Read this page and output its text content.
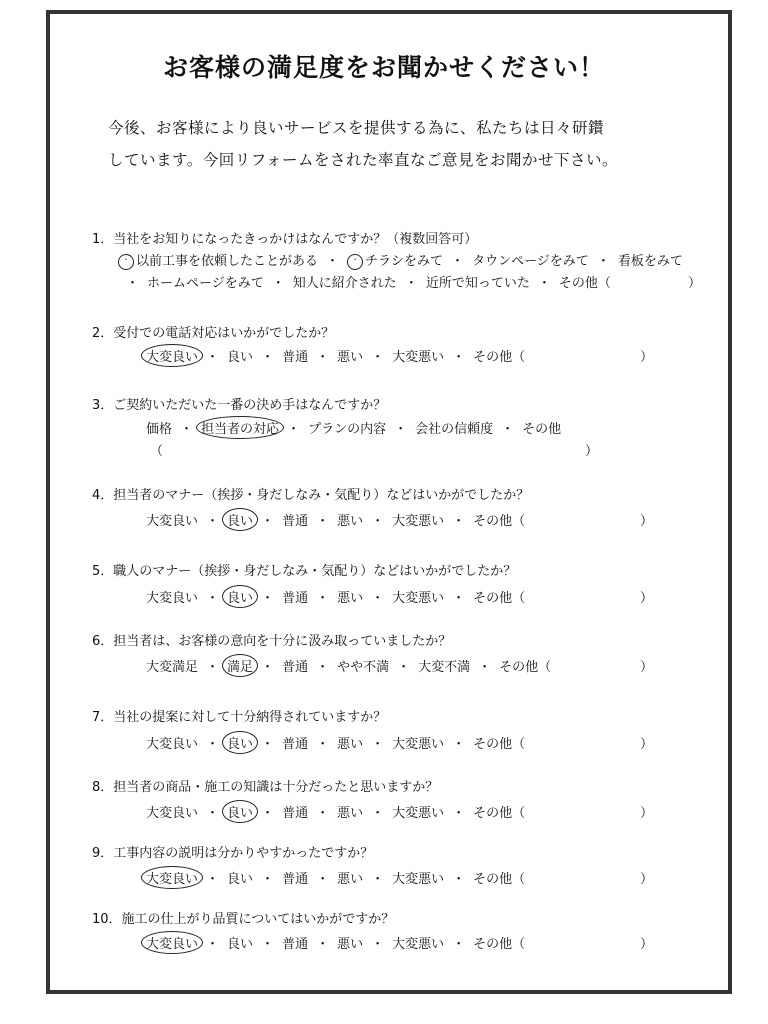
お客様の満足度をお聞かせください！
今後、お客様により良いサービスを提供する為に、私たちは日々研鑽
しています。今回リフォームをされた率直なご意見をお聞かせ下さい。
1．当社をお知りになったきっかけはなんですか？（複数回答可）
· 以前工事を依頼したことがある ・ · チラシをみて ・ タウンページをみて ・ 看板をみて
・ ホームページをみて ・ 知人に紹介された ・ 近所で知っていた ・ その他（	）
2．受付での電話対応はいかがでしたか？
大変良い ・ 良い ・ 普通 ・ 悪い ・ 大変悪い ・ その他（	）
3．ご契約いただいた一番の決め手はなんですか？
価格 ・ 担当者の対応 ・ プランの内容 ・ 会社の信頼度 ・ その他
（	）
4．担当者のマナー（挨拶・身だしなみ・気配り）などはいかがでしたか？
大変良い ・ 良い ・ 普通 ・ 悪い ・ 大変悪い ・ その他（	）
5．職人のマナー（挨拶・身だしなみ・気配り）などはいかがでしたか？
大変良い ・ 良い ・ 普通 ・ 悪い ・ 大変悪い ・ その他（	）
6．担当者は、お客様の意向を十分に汲み取っていましたか？
大変満足 ・ 満足 ・ 普通 ・ やや不満 ・ 大変不満 ・ その他（	）
7．当社の提案に対して十分納得されていますか？
大変良い ・ 良い ・ 普通 ・ 悪い ・ 大変悪い ・ その他（	）
8．担当者の商品・施工の知識は十分だったと思いますか？
大変良い ・ 良い ・ 普通 ・ 悪い ・ 大変悪い ・ その他（	）
9．工事内容の説明は分かりやすかったですか？
大変良い ・ 良い ・ 普通 ・ 悪い ・ 大変悪い ・ その他（	）
10．施工の仕上がり品質についてはいかがですか？
大変良い ・ 良い ・ 普通 ・ 悪い ・ 大変悪い ・ その他（	）
